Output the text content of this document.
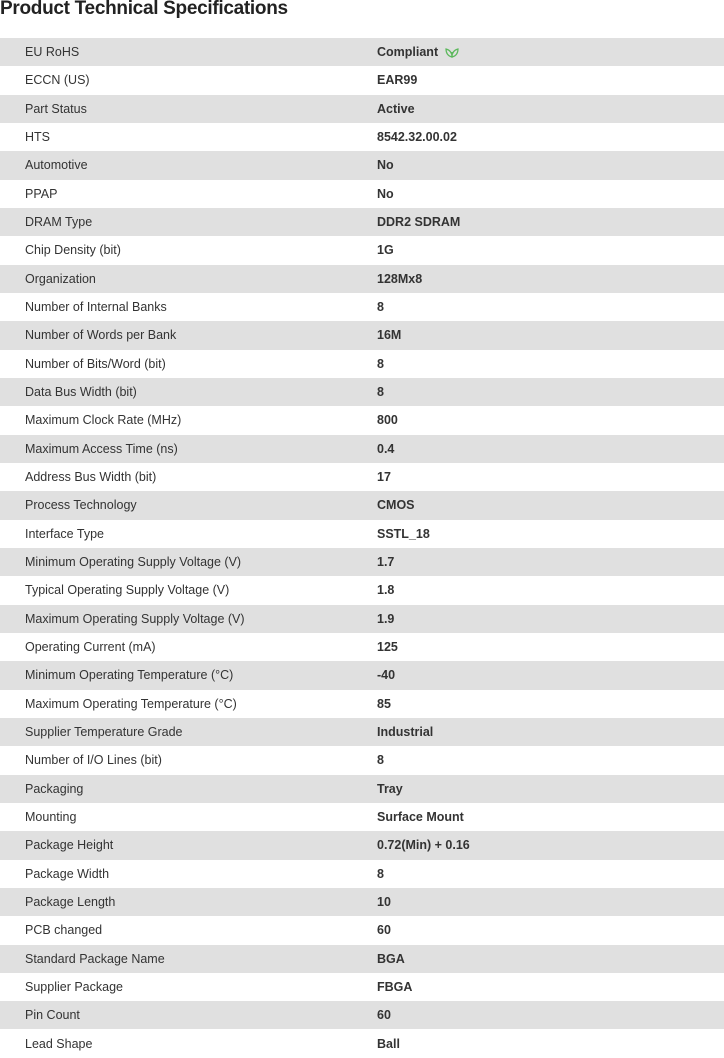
Product Technical Specifications
EU RoHS	Compliant
ECCN (US)	EAR99
Part Status	Active
HTS	8542.32.00.02
Automotive	No
PPAP	No
DRAM Type	DDR2 SDRAM
Chip Density (bit)	1G
Organization	128Mx8
Number of Internal Banks	8
Number of Words per Bank	16M
Number of Bits/Word (bit)	8
Data Bus Width (bit)	8
Maximum Clock Rate (MHz)	800
Maximum Access Time (ns)	0.4
Address Bus Width (bit)	17
Process Technology	CMOS
Interface Type	SSTL_18
Minimum Operating Supply Voltage (V)	1.7
Typical Operating Supply Voltage (V)	1.8
Maximum Operating Supply Voltage (V)	1.9
Operating Current (mA)	125
Minimum Operating Temperature (°C)	-40
Maximum Operating Temperature (°C)	85
Supplier Temperature Grade	Industrial
Number of I/O Lines (bit)	8
Packaging	Tray
Mounting	Surface Mount
Package Height	0.72(Min) + 0.16
Package Width	8
Package Length	10
PCB changed	60
Standard Package Name	BGA
Supplier Package	FBGA
Pin Count	60
Lead Shape	Ball
